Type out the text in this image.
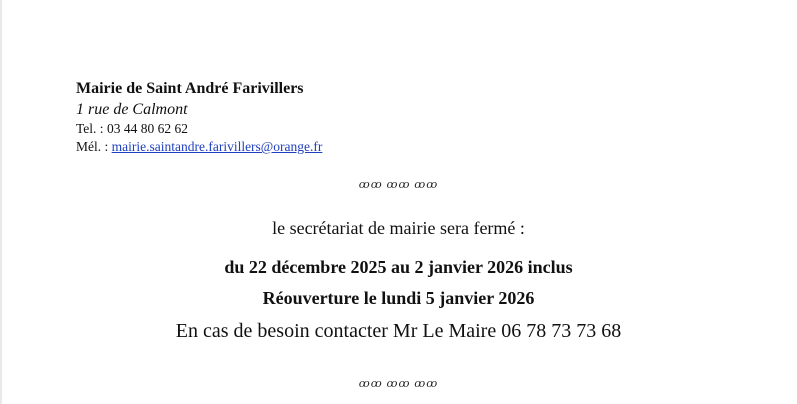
Mairie de Saint André Farivillers
1 rue de Calmont
Tel. : 03 44 80 62 62
Mél. : mairie.saintandre.farivillers@orange.fr
ꝏꝏ ꝏꝏ ꝏꝏ
le secrétariat de mairie sera fermé :
du 22 décembre 2025 au 2 janvier 2026 inclus
Réouverture le lundi 5 janvier 2026
En cas de besoin contacter Mr Le Maire 06 78 73 73 68
ꝏꝏ ꝏꝏ ꝏꝏ
